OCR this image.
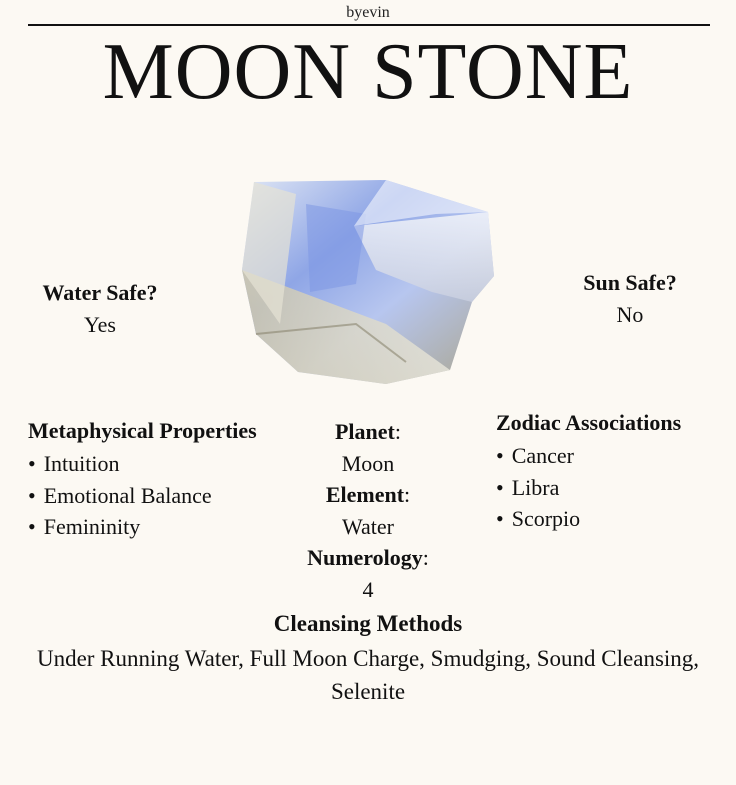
byevin
MOON STONE
Water Safe?
Yes
Sun Safe?
No
Metaphysical Properties
• Intuition
• Emotional Balance
• Femininity
Planet:
Moon
Element:
Water
Numerology:
4
Zodiac Associations
• Cancer
• Libra
• Scorpio
Cleansing Methods
Under Running Water, Full Moon Charge, Smudging, Sound Cleansing, Selenite
